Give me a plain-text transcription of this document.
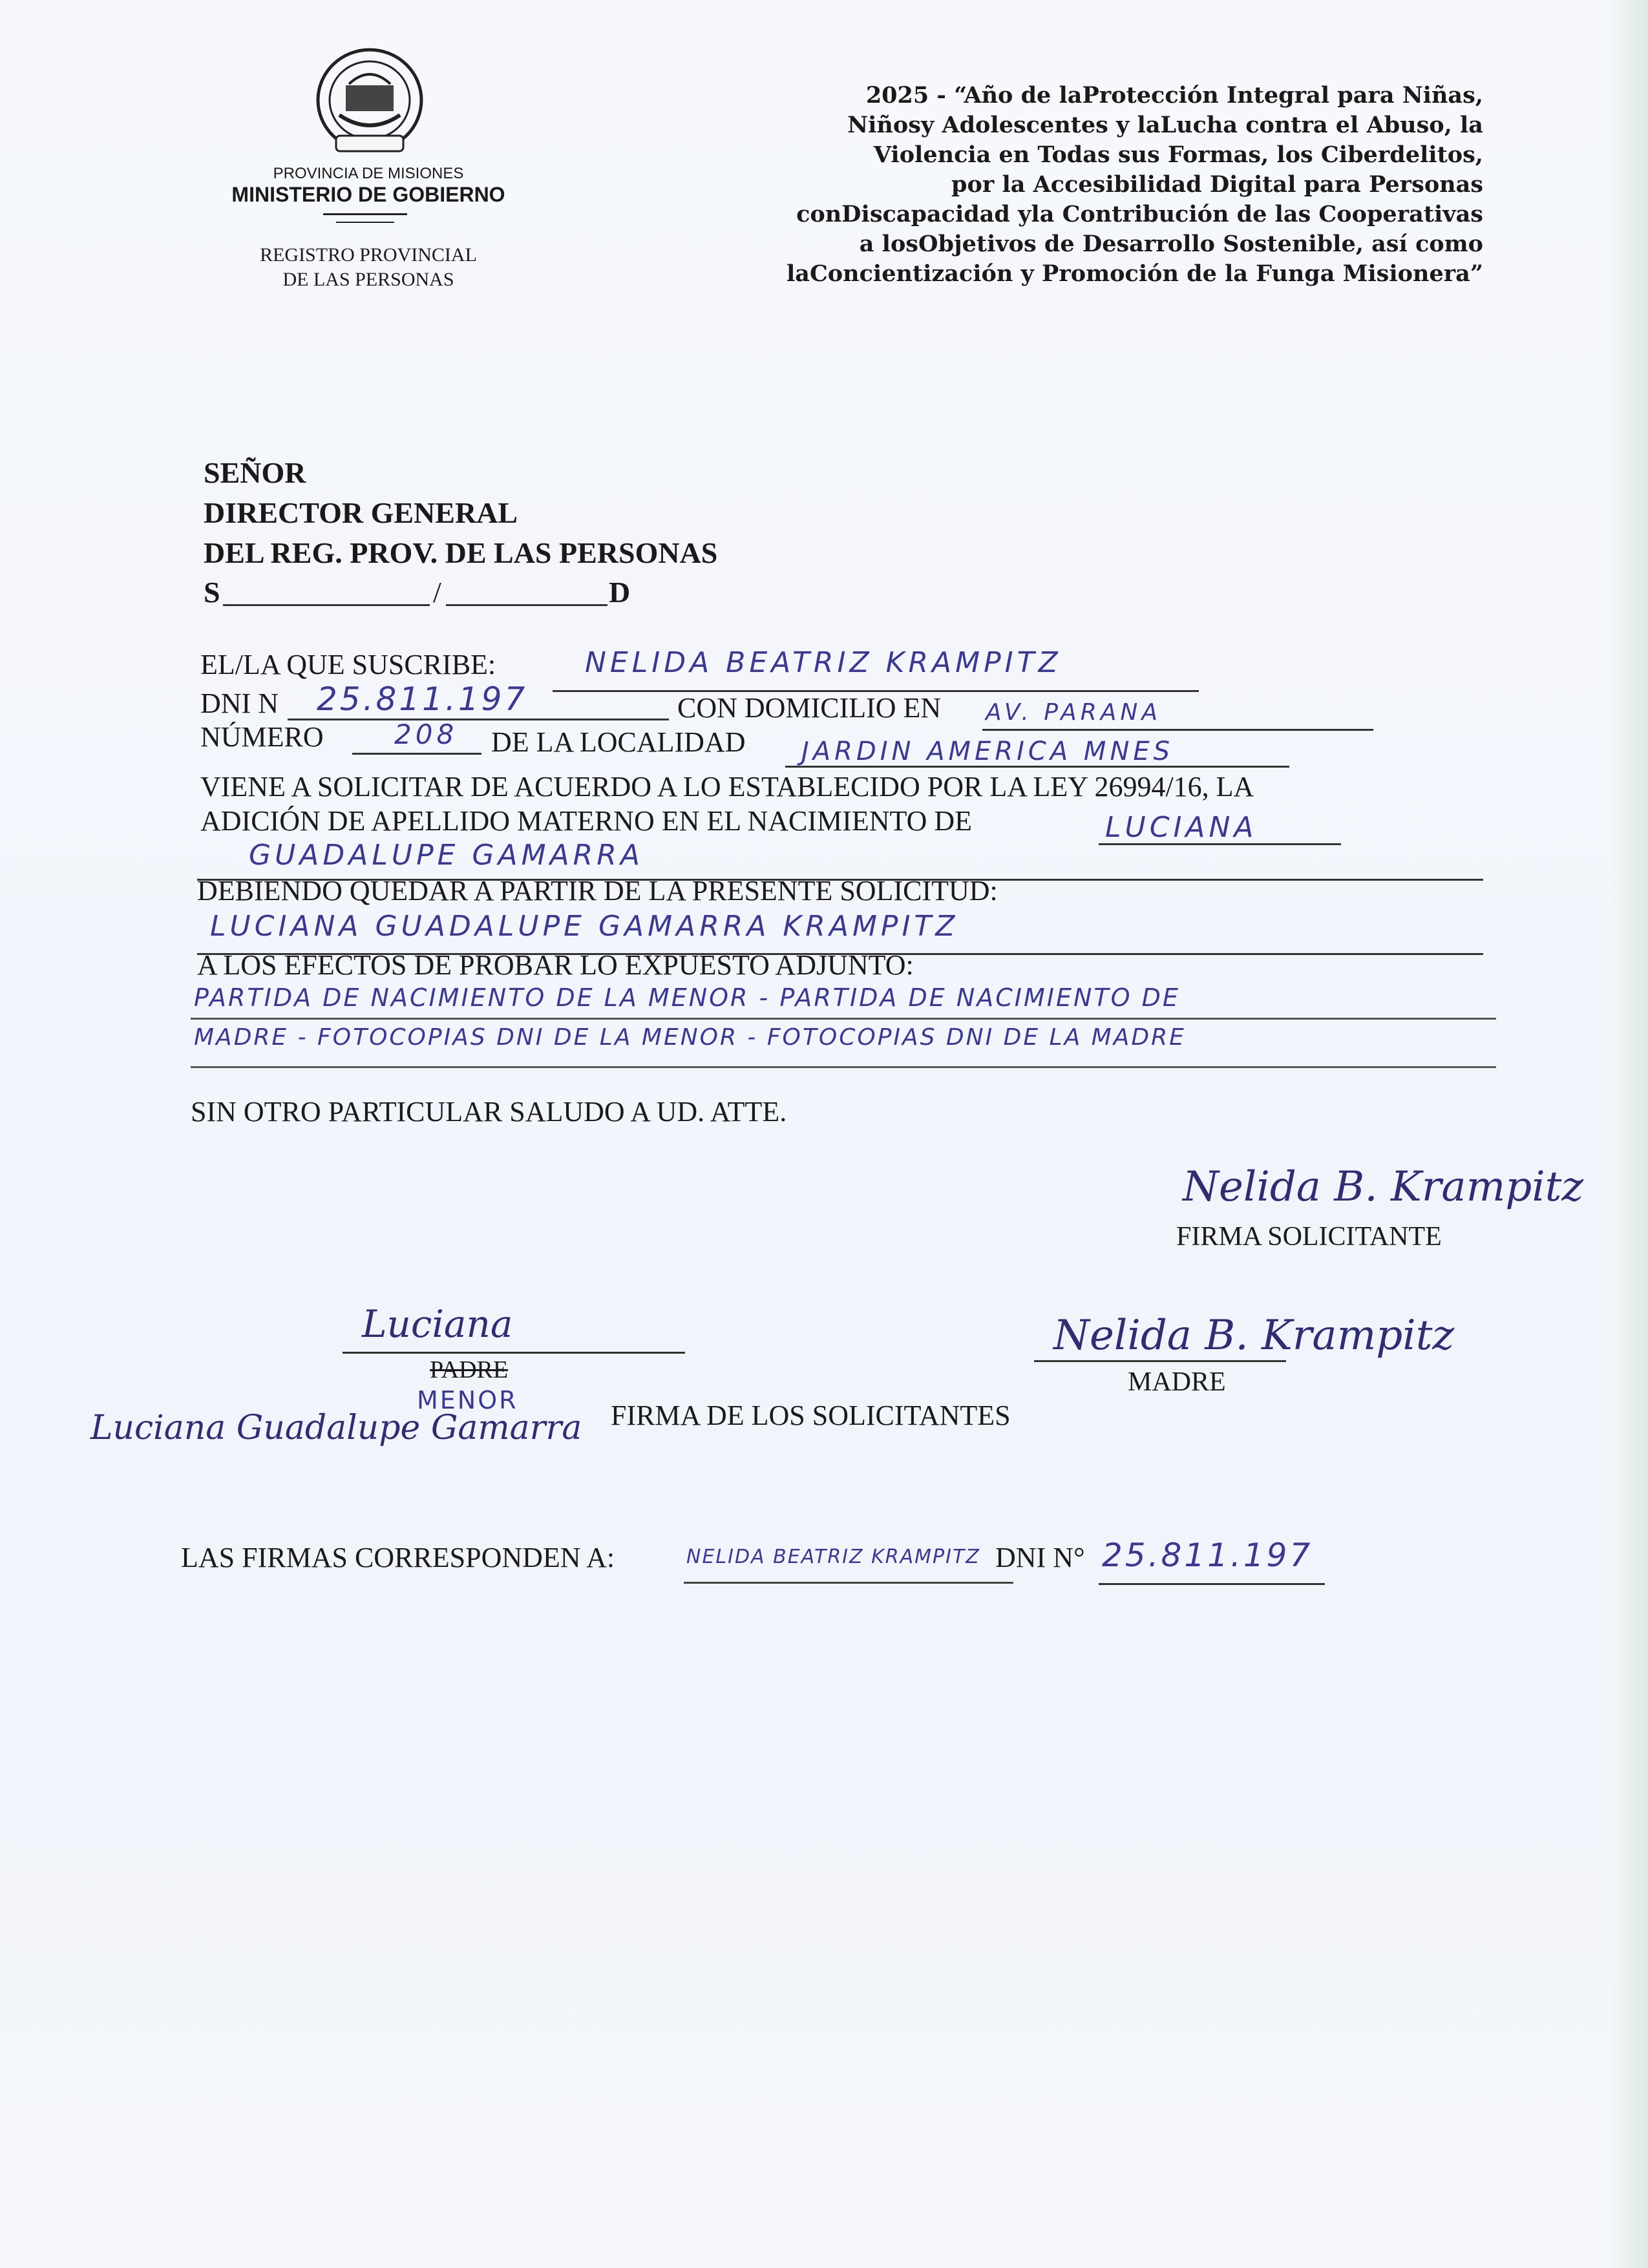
PROVINCIA DE MISIONES
MINISTERIO DE GOBIERNO
REGISTRO PROVINCIAL
DE LAS PERSONAS
2025 - “Año de laProtección Integral para Niñas,
Niñosy Adolescentes y laLucha contra el Abuso, la
Violencia en Todas sus Formas, los Ciberdelitos,
por la Accesibilidad Digital para Personas
conDiscapacidad yla Contribución de las Cooperativas
a losObjetivos de Desarrollo Sostenible, así como
laConcientización y Promoción de la Funga Misionera”
SEÑOR
DIRECTOR GENERAL
DEL REG. PROV. DE LAS PERSONAS
S	/	D
EL/LA QUE SUSCRIBE:	NELIDA BEATRIZ KRAMPITZ
DNI N 25.811.197	CON DOMICILIO EN AV. PARANA
NÚMERO	208 DE LA LOCALIDAD JARDIN AMERICA MNES
VIENE A SOLICITAR DE ACUERDO A LO ESTABLECIDO POR LA LEY 26994/16, LA
ADICIÓN DE APELLIDO MATERNO EN EL NACIMIENTO DE	LUCIANA
GUADALUPE GAMARRA
DEBIENDO QUEDAR A PARTIR DE LA PRESENTE SOLICITUD:
LUCIANA GUADALUPE GAMARRA KRAMPITZ
A LOS EFECTOS DE PROBAR LO EXPUESTO ADJUNTO:
PARTIDA DE NACIMIENTO DE LA MENOR - PARTIDA DE NACIMIENTO DE
MADRE - FOTOCOPIAS DNI DE LA MENOR - FOTOCOPIAS DNI DE LA MADRE
SIN OTRO PARTICULAR SALUDO A UD. ATTE.
Nelida B. Krampitz
FIRMA SOLICITANTE
Luciana
PADRE
MENOR
Luciana Guadalupe Gamarra FIRMA DE LOS SOLICITANTES
Nelida B. Krampitz
MADRE
LAS FIRMAS CORRESPONDEN A:	NELIDA BEATRIZ KRAMPITZ DNI N° 25.811.197
